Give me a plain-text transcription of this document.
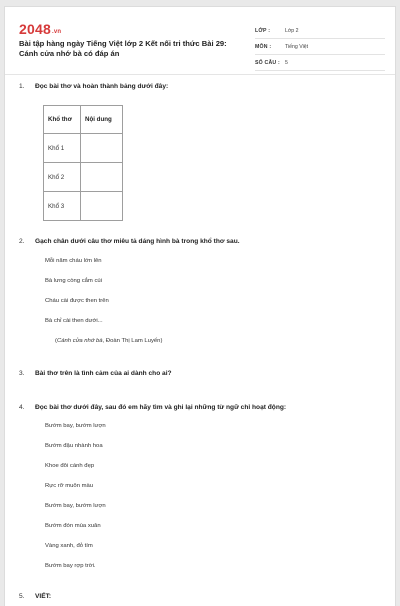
2048.vn
Bài tập hàng ngày Tiếng Việt lớp 2 Kết nối tri thức Bài 29:
Cánh cửa nhớ bà có đáp án
LỚP :	Lớp 2
MÔN :	Tiếng Việt
SỐ CÂU : 5
1. Đọc bài thơ và hoàn thành bảng dưới đây:
Khổ thơ	Nội dung
Khổ 1	
Khổ 2	
Khổ 3	
2. Gạch chân dưới câu thơ miêu tả dáng hình bà trong khổ thơ sau.
Mỗi năm cháu lớn lên
Bà lưng còng cắm cúi
Cháu cài được then trên
Bà chỉ cài then dưới...
(Cánh cửa nhớ bà, Đoàn Thị Lam Luyến)
3. Bài thơ trên là tình cảm của ai dành cho ai?
4. Đọc bài thơ dưới đây, sau đó em hãy tìm và ghi lại những từ ngữ chỉ hoạt động:
Bướm bay, bướm lượn
Bướm đậu nhành hoa
Khoe đôi cánh đẹp
Rực rỡ muôn màu
Bướm bay, bướm lượn
Bướm đón mùa xuân
Vàng xanh, đỏ tím
Bướm bay rợp trời.
5. VIẾT:
